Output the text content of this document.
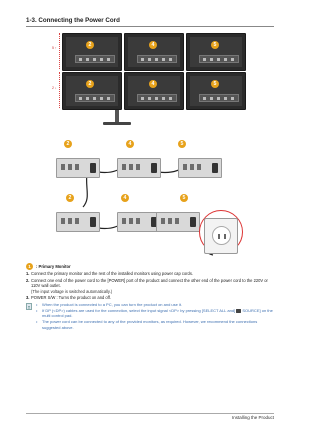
1-3. Connecting the Power Cord
5 ↑
2 ↓
2	4	5
2	4	5
2	4	5
2	4	5
1	: Primary Monitor
1. Connect the primary monitor and the rest of the installed monitors using power cap cords.
2. Connect one end of the power cord to the [POWER] port of the product and connect the other end of the power cord to the 220V or 110V wall outlet.
(The input voltage is switched automatically.)
3. POWER S/W : Turns the product on and off.
• When the product is connected to a PC, you can turn the product on and use it.
• If DP (<DP>) cables are used for the connection, select the input signal <DP> by pressing [SELECT ALL and]  SOURCE] on the multi control pad.
• The power cord can be connected to any of the provided monitors, as required. However, we recommend the connections suggested above.
Installing the Product
